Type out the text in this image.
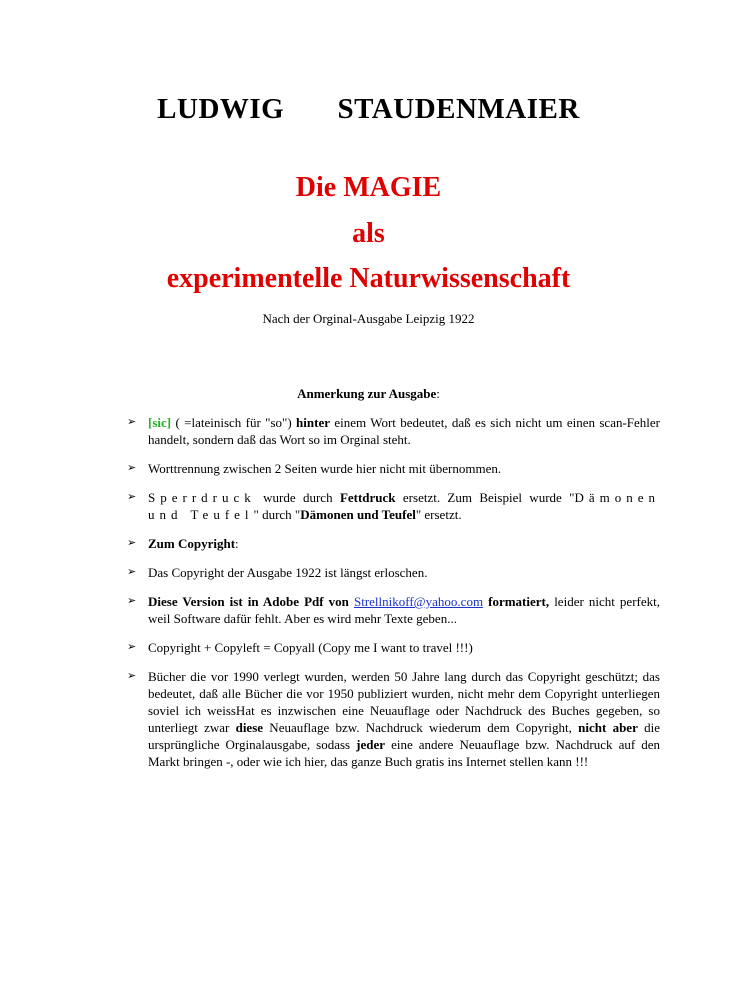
LUDWIG   STAUDENMAIER
Die MAGIE
als
experimentelle Naturwissenschaft
Nach der Orginal-Ausgabe Leipzig 1922
Anmerkung zur Ausgabe:
➢ [sic] ( =lateinisch für "so") hinter einem Wort bedeutet, daß es sich nicht um einen scan-Fehler handelt, sondern daß das Wort so im Orginal steht.
➢ Worttrennung zwischen 2 Seiten wurde hier nicht mit übernommen.
➢ Sperrdruck wurde durch Fettdruck ersetzt. Zum Beispiel wurde "Dämonen und Teufel" durch "Dämonen und Teufel" ersetzt.
➢ Zum Copyright:
➢ Das Copyright der Ausgabe 1922 ist längst erloschen.
➢ Diese Version ist in Adobe Pdf von Strellnikoff@yahoo.com formatiert, leider nicht perfekt, weil Software dafür fehlt. Aber es wird mehr Texte geben...
➢ Copyright + Copyleft = Copyall (Copy me I want to travel !!!)
➢ Bücher die vor 1990 verlegt wurden, werden 50 Jahre lang durch das Copyright geschützt; das bedeutet, daß alle Bücher die vor 1950 publiziert wurden, nicht mehr dem Copyright unterliegen soviel ich weissHat es inzwischen eine Neuauflage oder Nachdruck des Buches gegeben, so unterliegt zwar diese Neuauflage bzw. Nachdruck wiederum dem Copyright, nicht aber die ursprüngliche Orginalausgabe, sodass jeder eine andere Neuauflage bzw. Nachdruck auf den Markt bringen -, oder wie ich hier, das ganze Buch gratis ins Internet stellen kann !!!
